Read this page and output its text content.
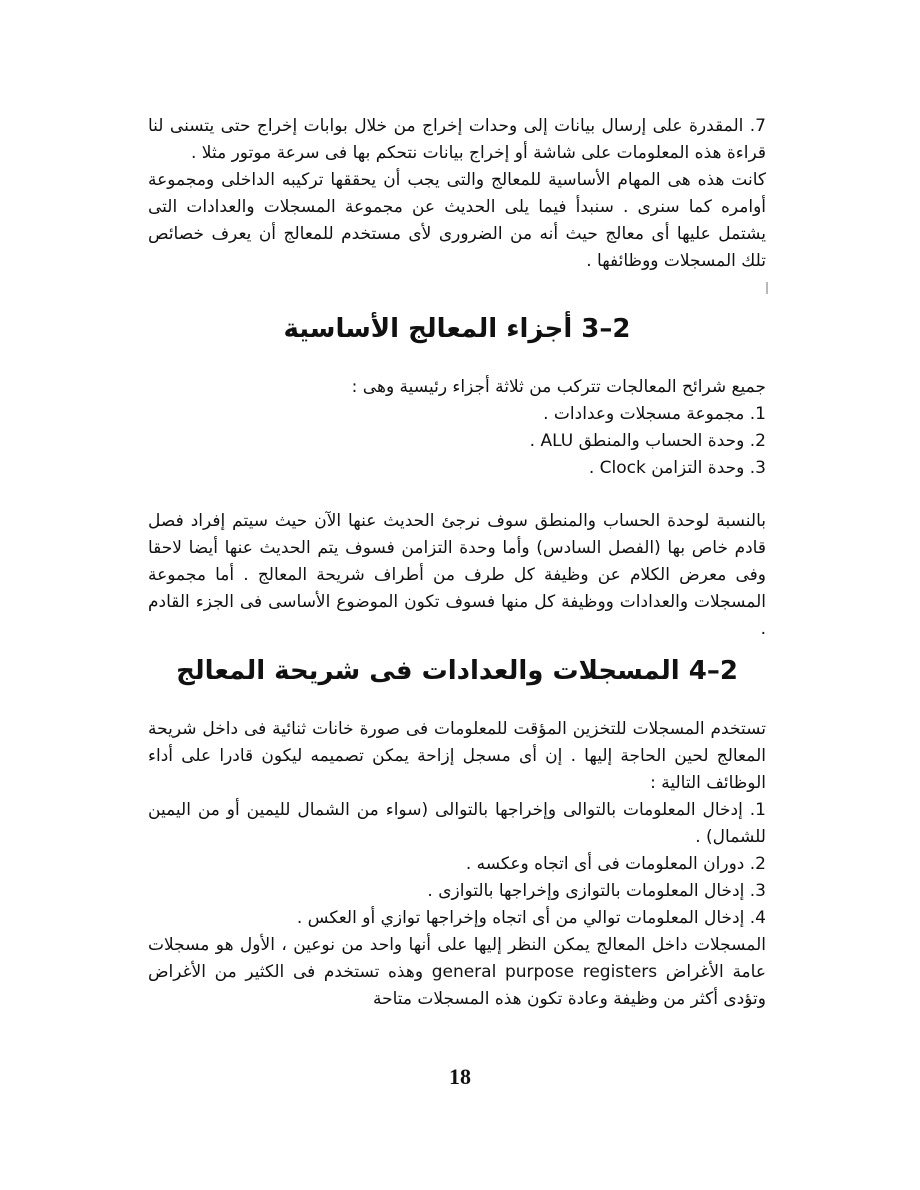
7. المقدرة على إرسال بيانات إلى وحدات إخراج من خلال بوابات إخراج حتى يتسنى لنا قراءة هذه المعلومات على شاشة أو إخراج بيانات نتحكم بها فى سرعة موتور مثلا .

كانت هذه هى المهام الأساسية للمعالج والتى يجب أن يحققها تركيبه الداخلى ومجموعة أوامره كما سنرى . سنبدأ فيما يلى الحديث عن مجموعة المسجلات والعدادات التى يشتمل عليها أى معالج حيث أنه من الضرورى لأى مستخدم للمعالج أن يعرف خصائص تلك المسجلات ووظائفها .

2–3 أجزاء المعالج الأساسية

جميع شرائح المعالجات تتركب من ثلاثة أجزاء رئيسية وهى :

1. مجموعة مسجلات وعدادات .
2. وحدة الحساب والمنطق ALU .
3. وحدة التزامن Clock .

بالنسبة لوحدة الحساب والمنطق سوف نرجئ الحديث عنها الآن حيث سيتم إفراد فصل قادم خاص بها (الفصل السادس) وأما وحدة التزامن فسوف يتم الحديث عنها أيضا لاحقا وفى معرض الكلام عن وظيفة كل طرف من أطراف شريحة المعالج . أما مجموعة المسجلات والعدادات ووظيفة كل منها فسوف تكون الموضوع الأساسى فى الجزء القادم .

2–4 المسجلات والعدادات فى شريحة المعالج

تستخدم المسجلات للتخزين المؤقت للمعلومات فى صورة خانات ثنائية فى داخل شريحة المعالج لحين الحاجة إليها . إن أى مسجل إزاحة يمكن تصميمه ليكون قادرا على أداء الوظائف التالية :

1. إدخال المعلومات بالتوالى وإخراجها بالتوالى (سواء من الشمال لليمين أو من اليمين للشمال) .
2. دوران المعلومات فى أى اتجاه وعكسه .
3. إدخال المعلومات بالتوازى وإخراجها بالتوازى .
4. إدخال المعلومات توالي من أى اتجاه وإخراجها توازي أو العكس .

المسجلات داخل المعالج يمكن النظر إليها على أنها واحد من نوعين ، الأول هو مسجلات عامة الأغراض general purpose registers وهذه تستخدم فى الكثير من الأغراض وتؤدى أكثر من وظيفة وعادة تكون هذه المسجلات متاحة

18
